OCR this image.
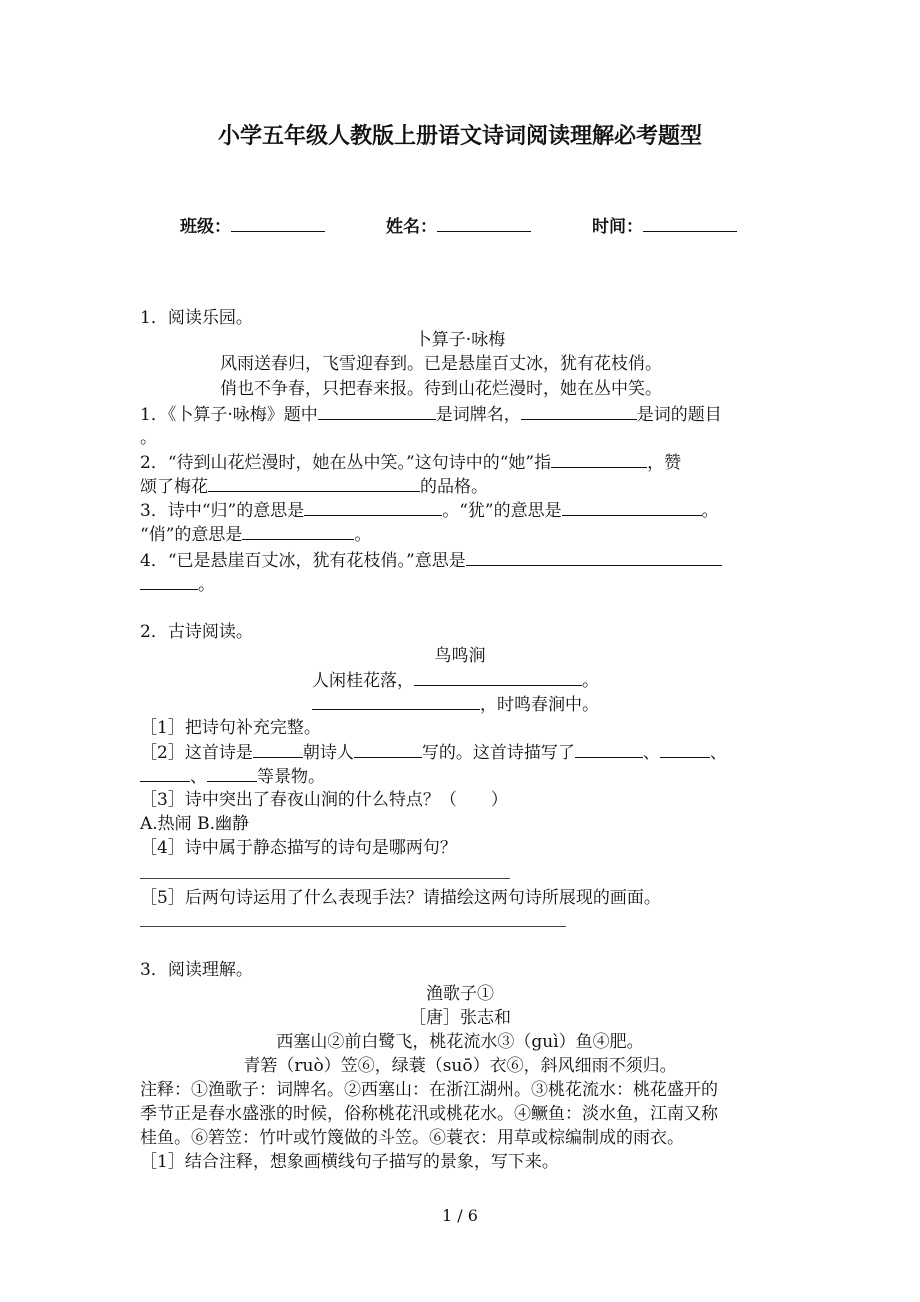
小学五年级人教版上册语文诗词阅读理解必考题型
班级：	姓名：	时间：
1．阅读乐园。
卜算子·咏梅
风雨送春归，飞雪迎春到。已是悬崖百丈冰，犹有花枝俏。
俏也不争春，只把春来报。待到山花烂漫时，她在丛中笑。
1．《卜算子·咏梅》题中	是词牌名，	是词的题目
。
2．“待到山花烂漫时，她在丛中笑。”这句诗中的“她”指	，赞
颂了梅花	的品格。
3．诗中“归”的意思是	。“犹”的意思是	。
“俏”的意思是	。
4．“已是悬崖百丈冰，犹有花枝俏。”意思是
。
2．古诗阅读。
鸟鸣涧
人闲桂花落，	。
，时鸣春涧中。
［1］把诗句补充完整。
［2］这首诗是	朝诗人	写的。这首诗描写了	、	、
、	等景物。
［3］诗中突出了春夜山涧的什么特点？（　　）
A.热闹 B.幽静
［4］诗中属于静态描写的诗句是哪两句？
［5］后两句诗运用了什么表现手法？请描绘这两句诗所展现的画面。
3．阅读理解。
渔歌子①
［唐］张志和
西塞山②前白鹭飞，桃花流水③（guì）鱼④肥。
青箬（ruò）笠⑥，绿蓑（suō）衣⑥，斜风细雨不须归。
注释：①渔歌子：词牌名。②西塞山：在浙江湖州。③桃花流水：桃花盛开的
季节正是春水盛涨的时候，俗称桃花汛或桃花水。④鳜鱼：淡水鱼，江南又称
桂鱼。⑥箬笠：竹叶或竹篾做的斗笠。⑥蓑衣：用草或棕编制成的雨衣。
［1］结合注释，想象画横线句子描写的景象，写下来。
1 / 6
